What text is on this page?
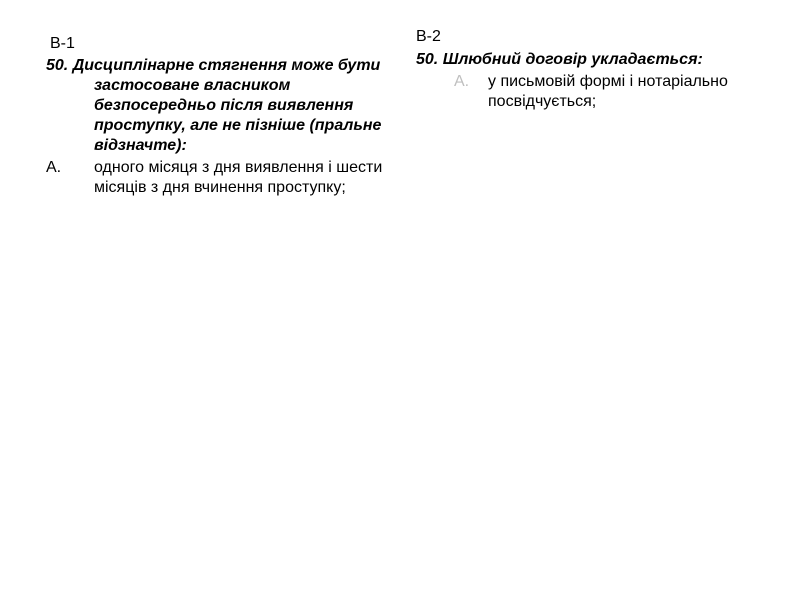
В-1
50. Дисциплінарне стягнення може бути застосоване власником безпосередньо після виявлення проступку, але не пізніше (пральне відзначте):
А.	одного місяця з дня виявлення і шести місяців з дня вчинення проступку;
В-2
50. Шлюбний договір укладається:
А.	у письмовій формі і нотаріально посвідчується;
